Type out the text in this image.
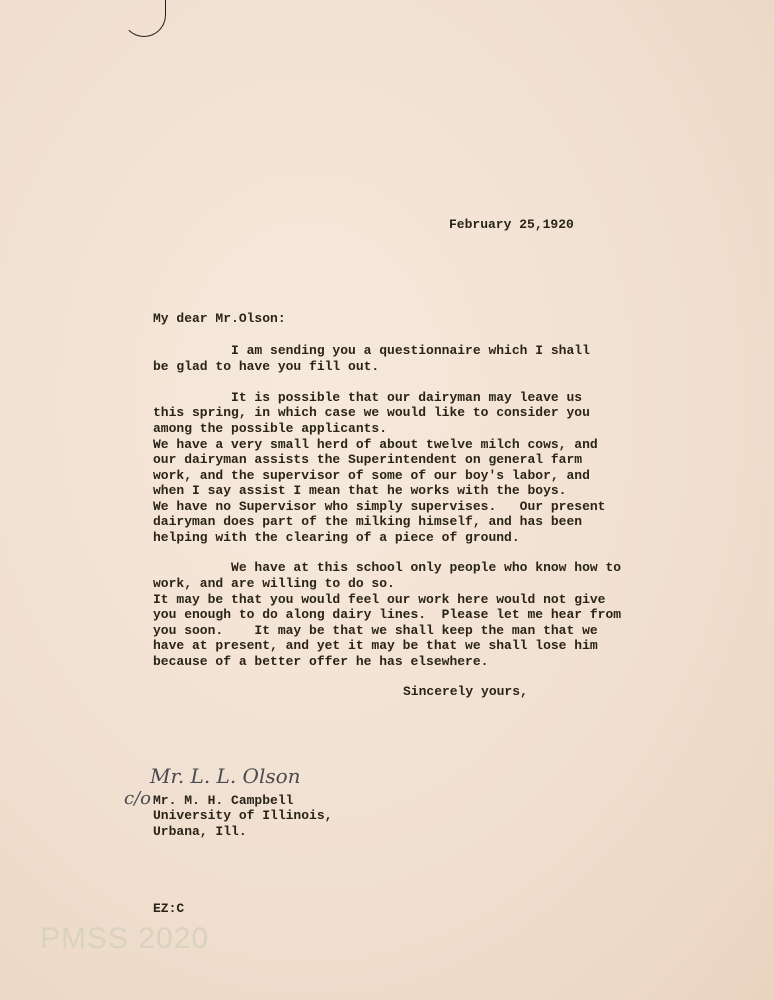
February 25,1920
My dear Mr.Olson:
I am sending you a questionnaire which I shall
be glad to have you fill out.
It is possible that our dairyman may leave us
this spring, in which case we would like to consider you
among the possible applicants.
We have a very small herd of about twelve milch cows, and
our dairyman assists the Superintendent on general farm
work, and the supervisor of some of our boy's labor, and
when I say assist I mean that he works with the boys.
We have no Supervisor who simply supervises.   Our present
dairyman does part of the milking himself, and has been
helping with the clearing of a piece of ground.
We have at this school only people who know how to
work, and are willing to do so.
It may be that you would feel our work here would not give
you enough to do along dairy lines.  Please let me hear from
you soon.    It may be that we shall keep the man that we
have at present, and yet it may be that we shall lose him
because of a better offer he has elsewhere.
Sincerely yours,
Mr. L. L. Olson
c/o Mr. M. H. Campbell
University of Illinois,
Urbana, Ill.
EZ:C
PMSS 2020
